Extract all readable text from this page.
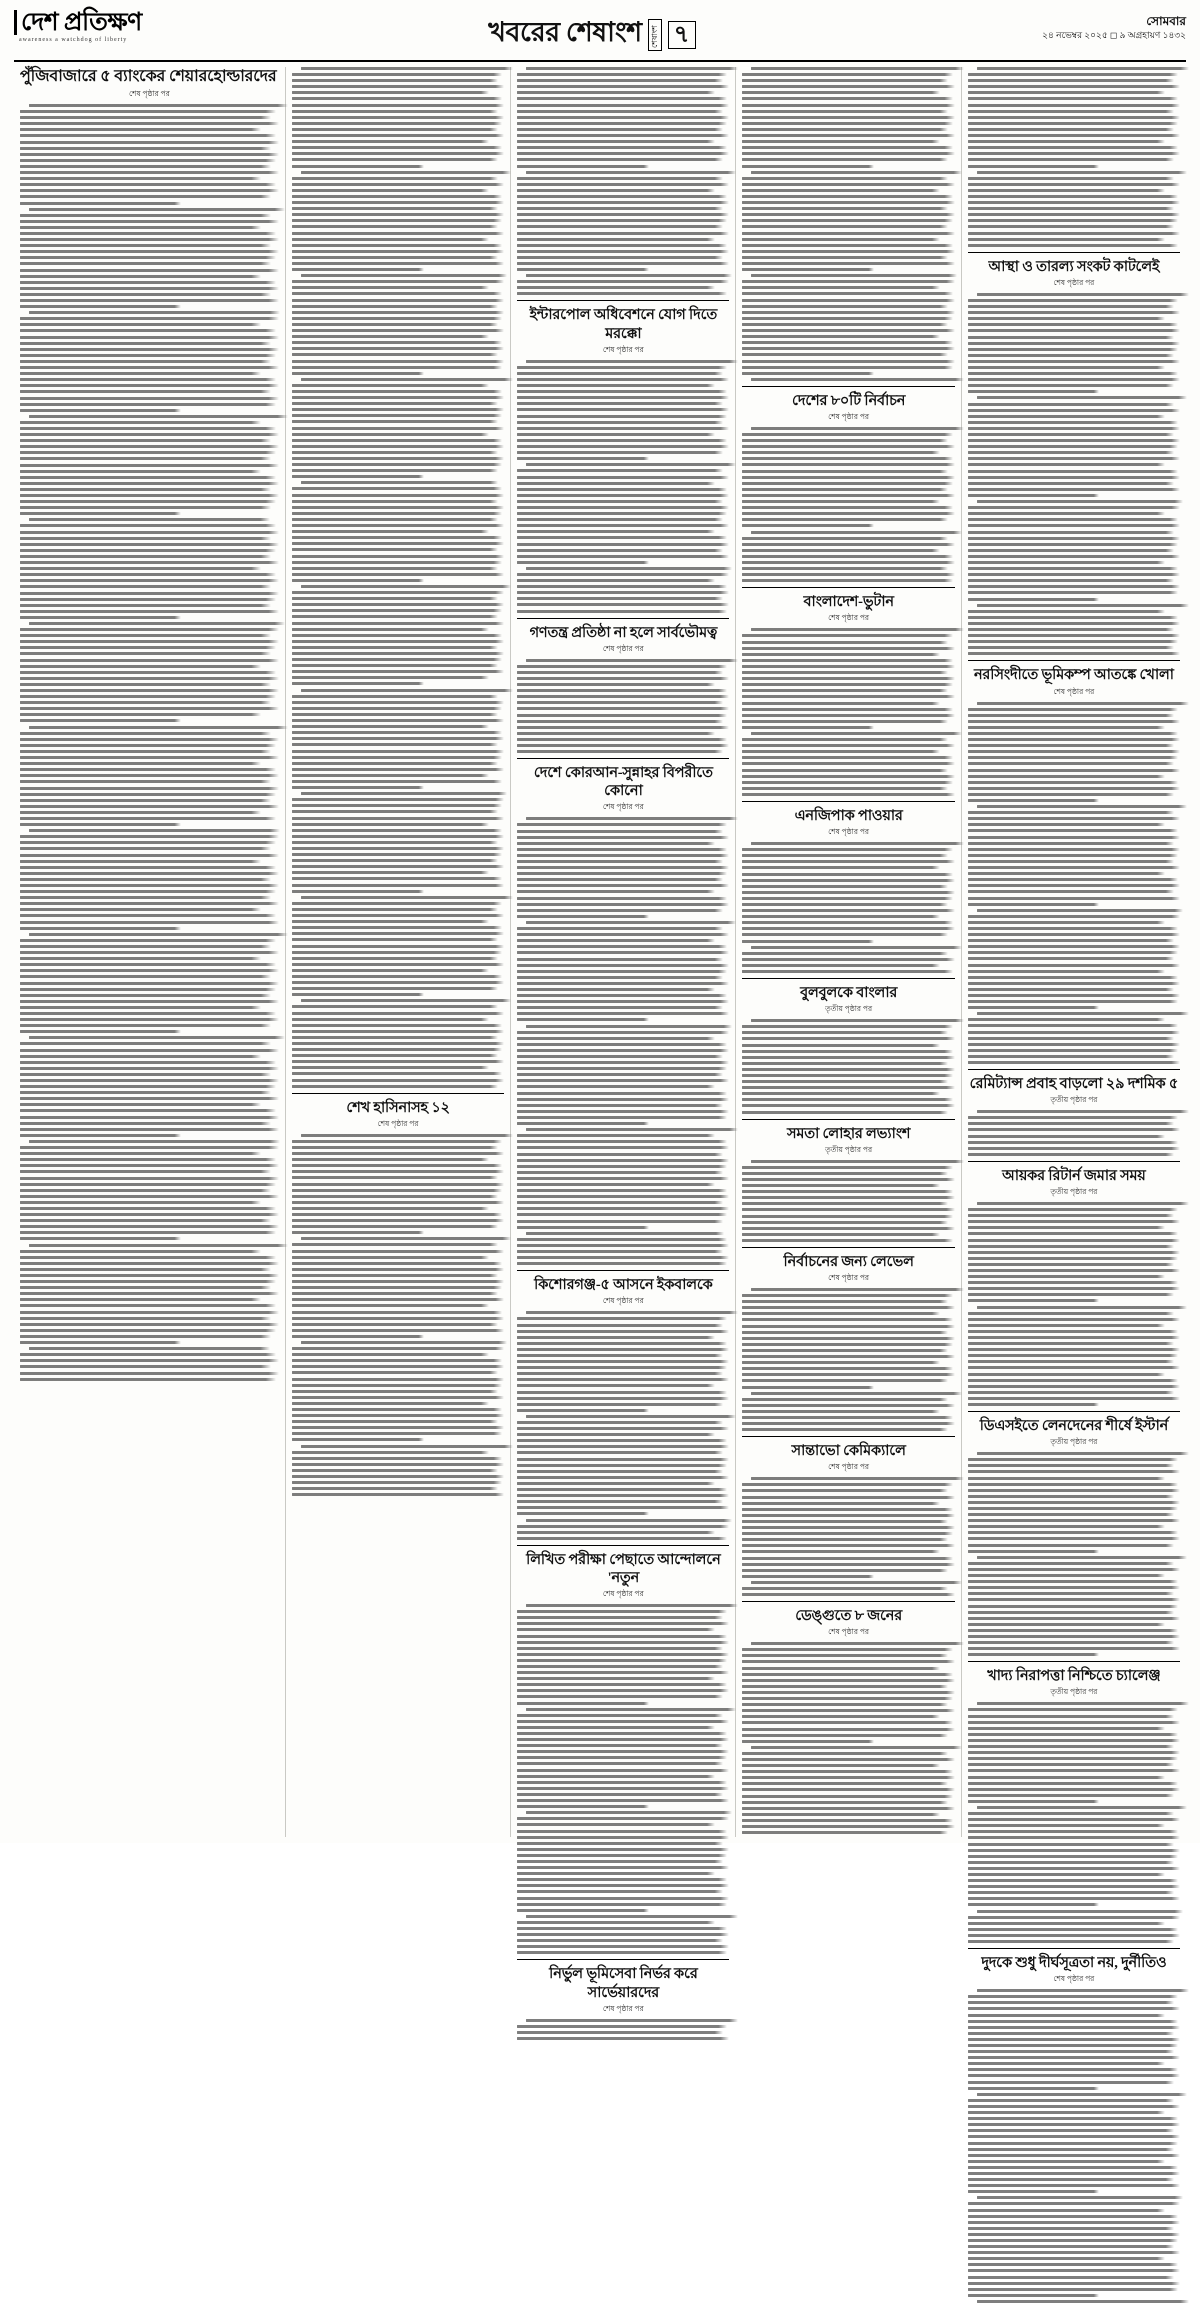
দেশ প্রতিক্ষণ
awareness a watchdog of liberty	খবরের শেষাংশ শেষাংশ ৭
সোমবার
২৪ নভেম্বর ২০২৫ ◻ ৯ অগ্রহায়ণ ১৪৩২
পুঁজিবাজারে ৫ ব্যাংকের শেয়ারহোল্ডারদের
শেষ পৃষ্ঠার পর
শেখ হাসিনাসহ ১২
শেষ পৃষ্ঠার পর
ইন্টারপোল অধিবেশনে যোগ দিতে মরক্কো
শেষ পৃষ্ঠার পর
গণতন্ত্র প্রতিষ্ঠা না হলে সার্বভৌমত্ব
শেষ পৃষ্ঠার পর
দেশে কোরআন-সুন্নাহর বিপরীতে কোনো
শেষ পৃষ্ঠার পর
কিশোরগঞ্জ-৫ আসনে ইকবালকে
শেষ পৃষ্ঠার পর
লিখিত পরীক্ষা পেছাতে আন্দোলনে 'নতুন
শেষ পৃষ্ঠার পর
নির্ভুল ভূমিসেবা নির্ভর করে সার্ভেয়ারদের
শেষ পৃষ্ঠার পর
দেশের ৮০টি নির্বাচন
শেষ পৃষ্ঠার পর
বাংলাদেশ-ভুটান
শেষ পৃষ্ঠার পর
এনজিপাক পাওয়ার
শেষ পৃষ্ঠার পর
বুলবুলকে বাংলার
তৃতীয় পৃষ্ঠার পর
সমতা লোহার লভ্যাংশ
তৃতীয় পৃষ্ঠার পর
নির্বাচনের জন্য লেভেল
শেষ পৃষ্ঠার পর
সান্তাভো কেমিক্যালে
শেষ পৃষ্ঠার পর
ডেঙ্গুতে ৮ জনের
শেষ পৃষ্ঠার পর
আস্থা ও তারল্য সংকট কাটলেই
শেষ পৃষ্ঠার পর
নরসিংদীতে ভূমিকম্প আতঙ্কে খোলা
শেষ পৃষ্ঠার পর
রেমিট্যান্স প্রবাহ বাড়লো ২৯ দশমিক ৫
তৃতীয় পৃষ্ঠার পর
আয়কর রিটার্ন জমার সময়
তৃতীয় পৃষ্ঠার পর
ডিএসইতে লেনদেনের শীর্ষে ইস্টার্ন
তৃতীয় পৃষ্ঠার পর
খাদ্য নিরাপত্তা নিশ্চিতে চ্যালেঞ্জ
তৃতীয় পৃষ্ঠার পর
দুদকে শুধু দীর্ঘসূত্রতা নয়, দুর্নীতিও
শেষ পৃষ্ঠার পর
